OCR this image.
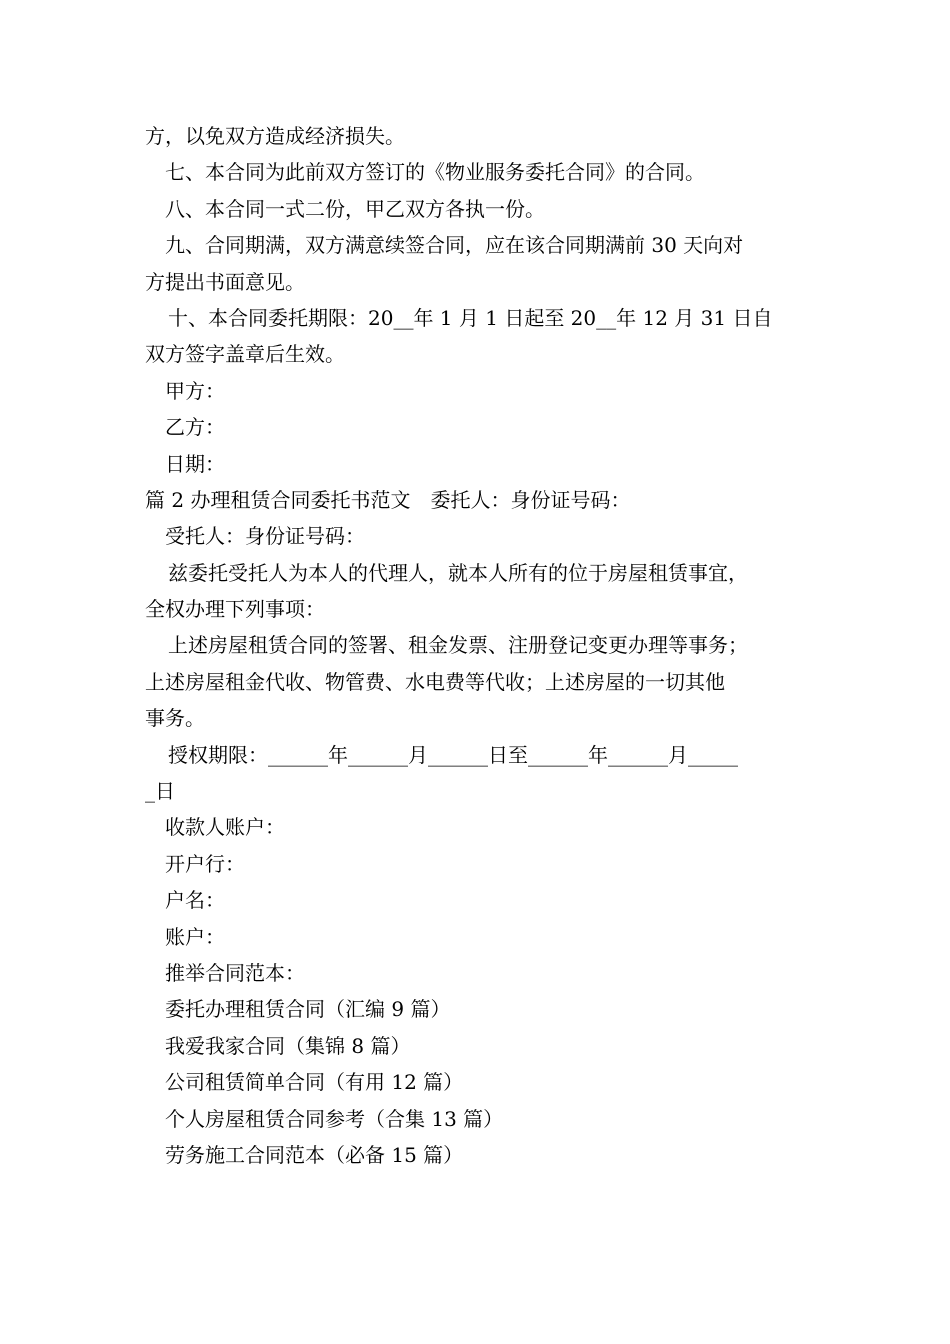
方，以免双方造成经济损失。
七、本合同为此前双方签订的《物业服务委托合同》的合同。
八、本合同一式二份，甲乙双方各执一份。
九、合同期满，双方满意续签合同，应在该合同期满前 30 天向对
方提出书面意见。
十、本合同委托期限：20__年 1 月 1 日起至 20__年 12 月 31 日自
双方签字盖章后生效。
甲方：
乙方：
日期：
篇 2 办理租赁合同委托书范文　委托人：身份证号码：
受托人：身份证号码：
兹委托受托人为本人的代理人，就本人所有的位于房屋租赁事宜，
全权办理下列事项：
上述房屋租赁合同的签署、租金发票、注册登记变更办理等事务；
上述房屋租金代收、物管费、水电费等代收；上述房屋的一切其他
事务。
授权期限：______年______月______日至______年______月_____
_日
收款人账户：
开户行：
户名：
账户：
推举合同范本：
委托办理租赁合同（汇编 9 篇）
我爱我家合同（集锦 8 篇）
公司租赁简单合同（有用 12 篇）
个人房屋租赁合同参考（合集 13 篇）
劳务施工合同范本（必备 15 篇）
